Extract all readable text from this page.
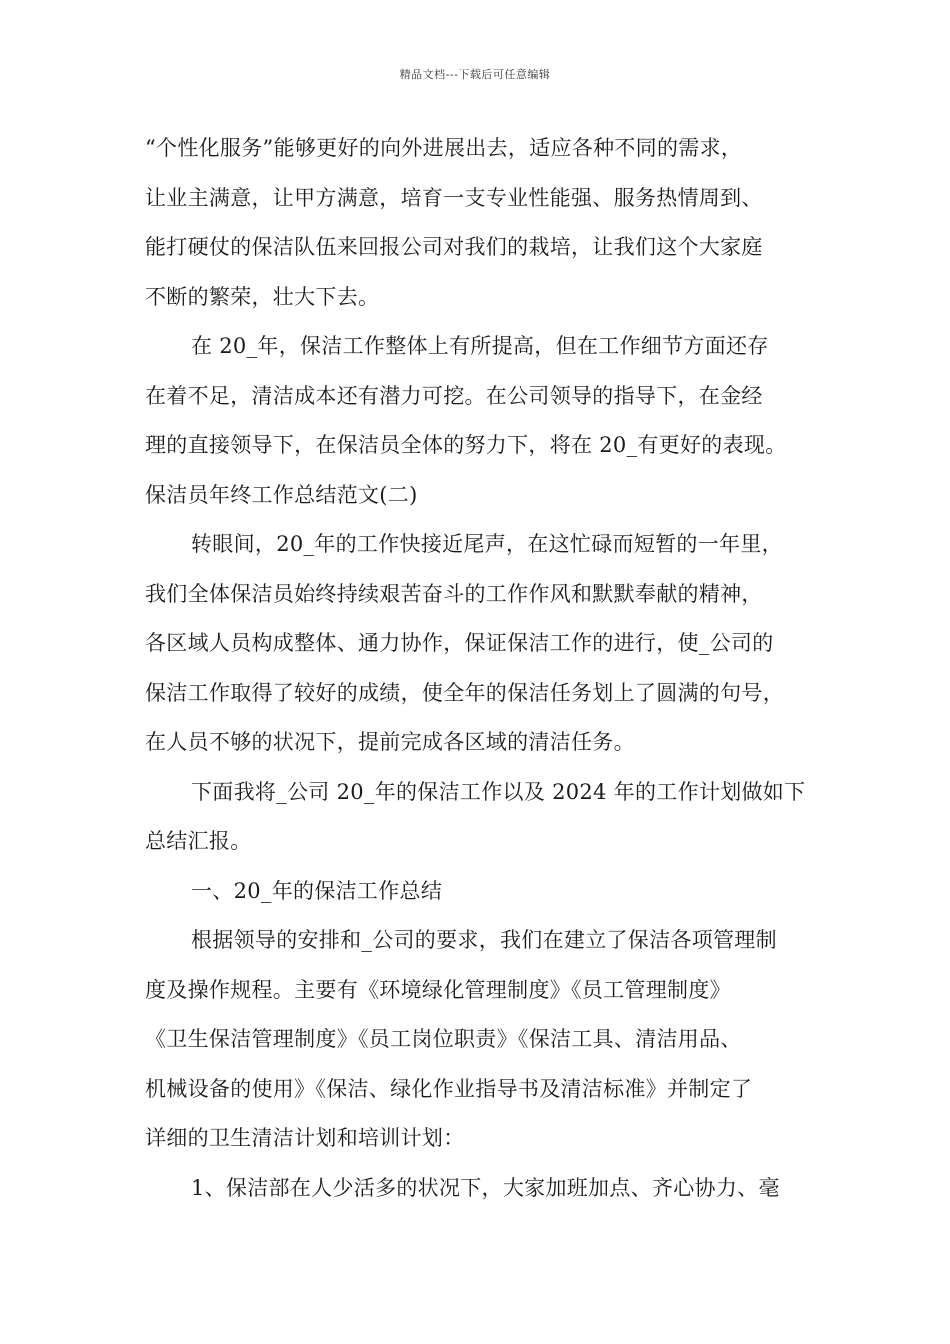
精品文档---下载后可任意编辑
“个性化服务”能够更好的向外进展出去，适应各种不同的需求，
让业主满意，让甲方满意，培育一支专业性能强、服务热情周到、
能打硬仗的保洁队伍来回报公司对我们的栽培，让我们这个大家庭
不断的繁荣，壮大下去。
在 20_年，保洁工作整体上有所提高，但在工作细节方面还存
在着不足，清洁成本还有潜力可挖。在公司领导的指导下，在金经
理的直接领导下，在保洁员全体的努力下，将在 20_有更好的表现。
保洁员年终工作总结范文(二)
转眼间，20_年的工作快接近尾声，在这忙碌而短暂的一年里，
我们全体保洁员始终持续艰苦奋斗的工作作风和默默奉献的精神，
各区域人员构成整体、通力协作，保证保洁工作的进行，使_公司的
保洁工作取得了较好的成绩，使全年的保洁任务划上了圆满的句号，
在人员不够的状况下，提前完成各区域的清洁任务。
下面我将_公司 20_年的保洁工作以及 2024 年的工作计划做如下
总结汇报。
一、20_年的保洁工作总结
根据领导的安排和_公司的要求，我们在建立了保洁各项管理制
度及操作规程。主要有《环境绿化管理制度》《员工管理制度》
《卫生保洁管理制度》《员工岗位职责》《保洁工具、清洁用品、
机械设备的使用》《保洁、绿化作业指导书及清洁标准》并制定了
详细的卫生清洁计划和培训计划：
1、保洁部在人少活多的状况下，大家加班加点、齐心协力、毫
